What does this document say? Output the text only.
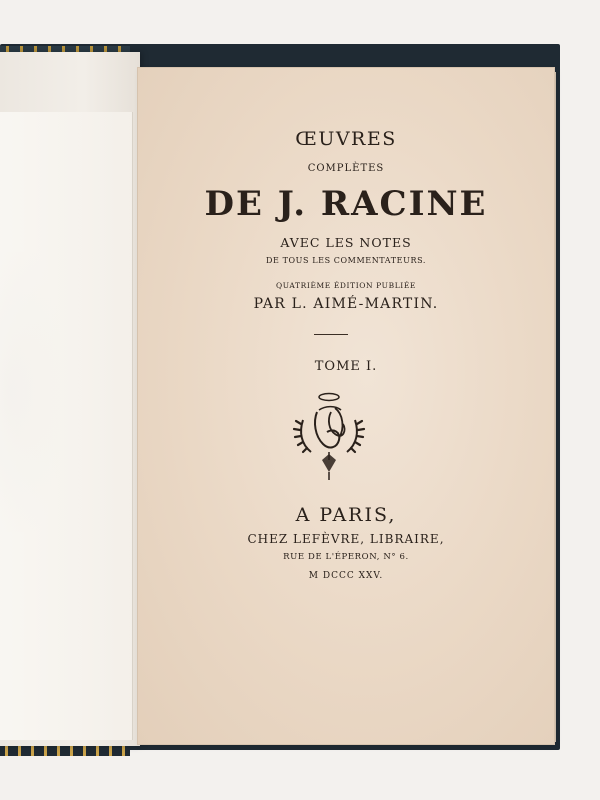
ŒUVRES
COMPLÈTES
DE J. RACINE
AVEC LES NOTES
DE TOUS LES COMMENTATEURS.
QUATRIÈME ÉDITION PUBLIÉE
PAR L. AIMÉ-MARTIN.
TOME I.
A PARIS,
CHEZ LEFÈVRE, LIBRAIRE,
RUE DE L'ÉPERON, N° 6.
M DCCC XXV.
